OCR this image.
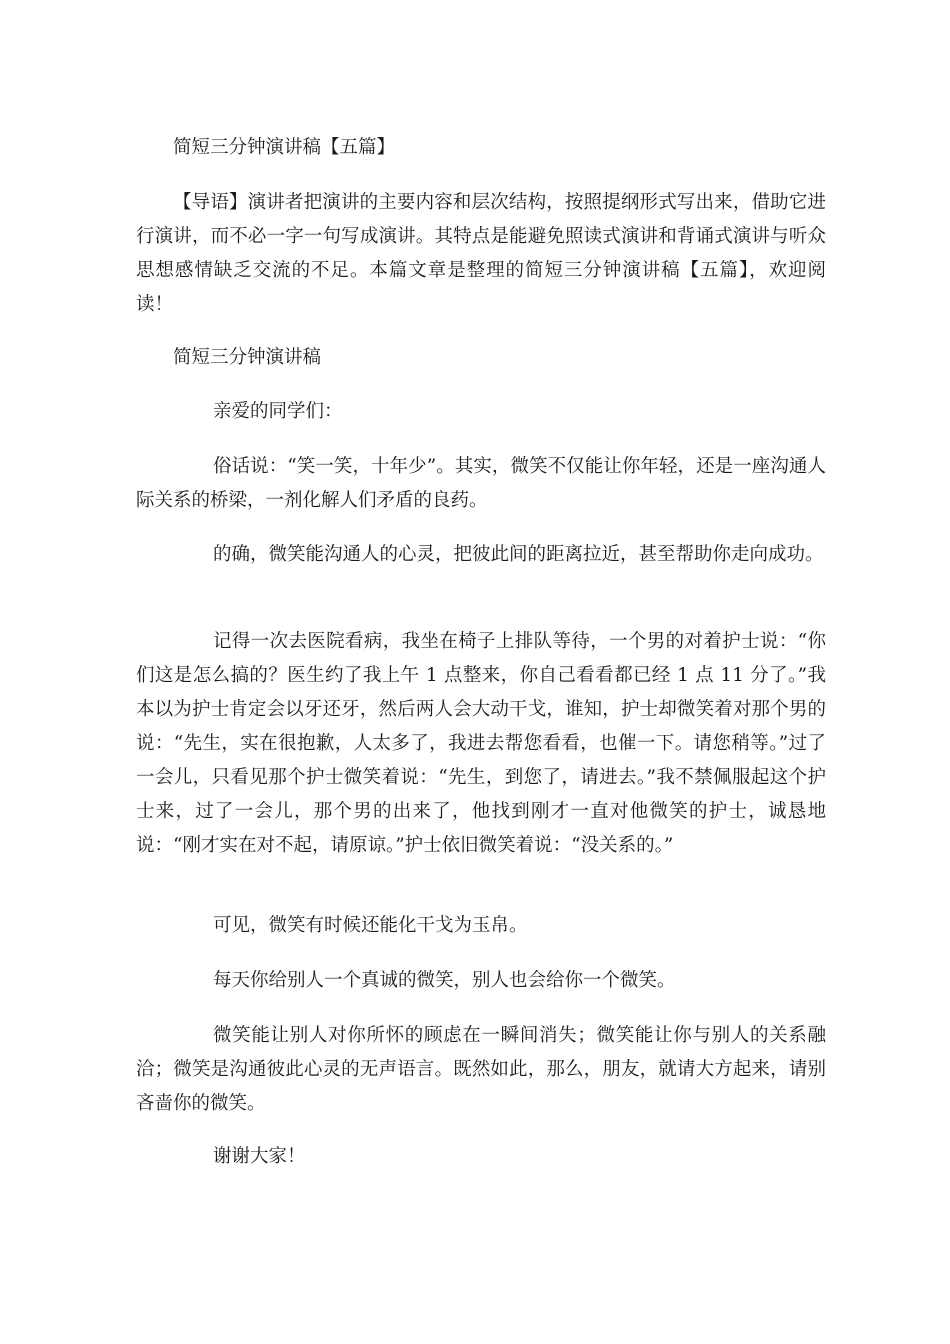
简短三分钟演讲稿【五篇】

【导语】演讲者把演讲的主要内容和层次结构，按照提纲形式写出来，借助它进行演讲，而不必一字一句写成演讲。其特点是能避免照读式演讲和背诵式演讲与听众思想感情缺乏交流的不足。本篇文章是整理的简短三分钟演讲稿【五篇】，欢迎阅读！

简短三分钟演讲稿

亲爱的同学们：

俗话说：“笑一笑，十年少”。其实，微笑不仅能让你年轻，还是一座沟通人际关系的桥梁，一剂化解人们矛盾的良药。

的确，微笑能沟通人的心灵，把彼此间的距离拉近，甚至帮助你走向成功。

记得一次去医院看病，我坐在椅子上排队等待，一个男的对着护士说：“你们这是怎么搞的？医生约了我上午 1 点整来，你自己看看都已经 1 点 11 分了。”我本以为护士肯定会以牙还牙，然后两人会大动干戈，谁知，护士却微笑着对那个男的说：“先生，实在很抱歉，人太多了，我进去帮您看看，也催一下。请您稍等。”过了一会儿，只看见那个护士微笑着说：“先生，到您了，请进去。”我不禁佩服起这个护士来，过了一会儿，那个男的出来了，他找到刚才一直对他微笑的护士，诚恳地说：“刚才实在对不起，请原谅。”护士依旧微笑着说：“没关系的。”

可见，微笑有时候还能化干戈为玉帛。

每天你给别人一个真诚的微笑，别人也会给你一个微笑。

微笑能让别人对你所怀的顾虑在一瞬间消失；微笑能让你与别人的关系融洽；微笑是沟通彼此心灵的无声语言。既然如此，那么，朋友，就请大方起来，请别吝啬你的微笑。

谢谢大家！
